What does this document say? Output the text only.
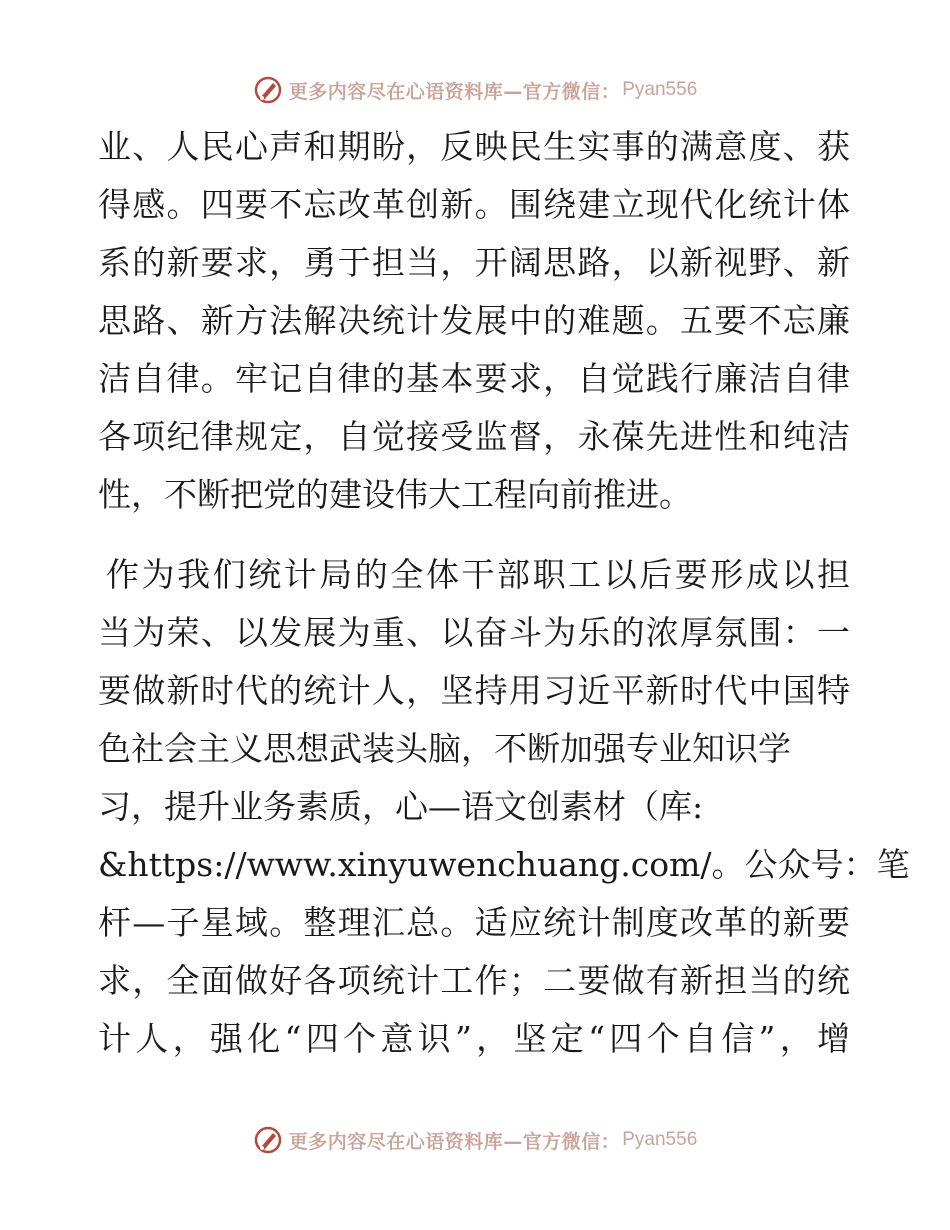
更多内容尽在心语资料库—官方微信： Pyan556
业、人民心声和期盼，反映民生实事的满意度、获
得感。四要不忘改革创新。围绕建立现代化统计体
系的新要求，勇于担当，开阔思路，以新视野、新
思路、新方法解决统计发展中的难题。五要不忘廉
洁自律。牢记自律的基本要求，自觉践行廉洁自律
各项纪律规定，自觉接受监督，永葆先进性和纯洁
性，不断把党的建设伟大工程向前推进。
作为我们统计局的全体干部职工以后要形成以担
当为荣、以发展为重、以奋斗为乐的浓厚氛围：一
要做新时代的统计人，坚持用习近平新时代中国特
色社会主义思想武装头脑，不断加强专业知识学
习，提升业务素质，心—语文创素材（库:
&https://www.xinyuwenchuang.com/。公众号：笔
杆—子星域。整理汇总。适应统计制度改革的新要
求，全面做好各项统计工作；二要做有新担当的统
计人，强化“四个意识”，坚定“四个自信”，增
更多内容尽在心语资料库—官方微信： Pyan556
